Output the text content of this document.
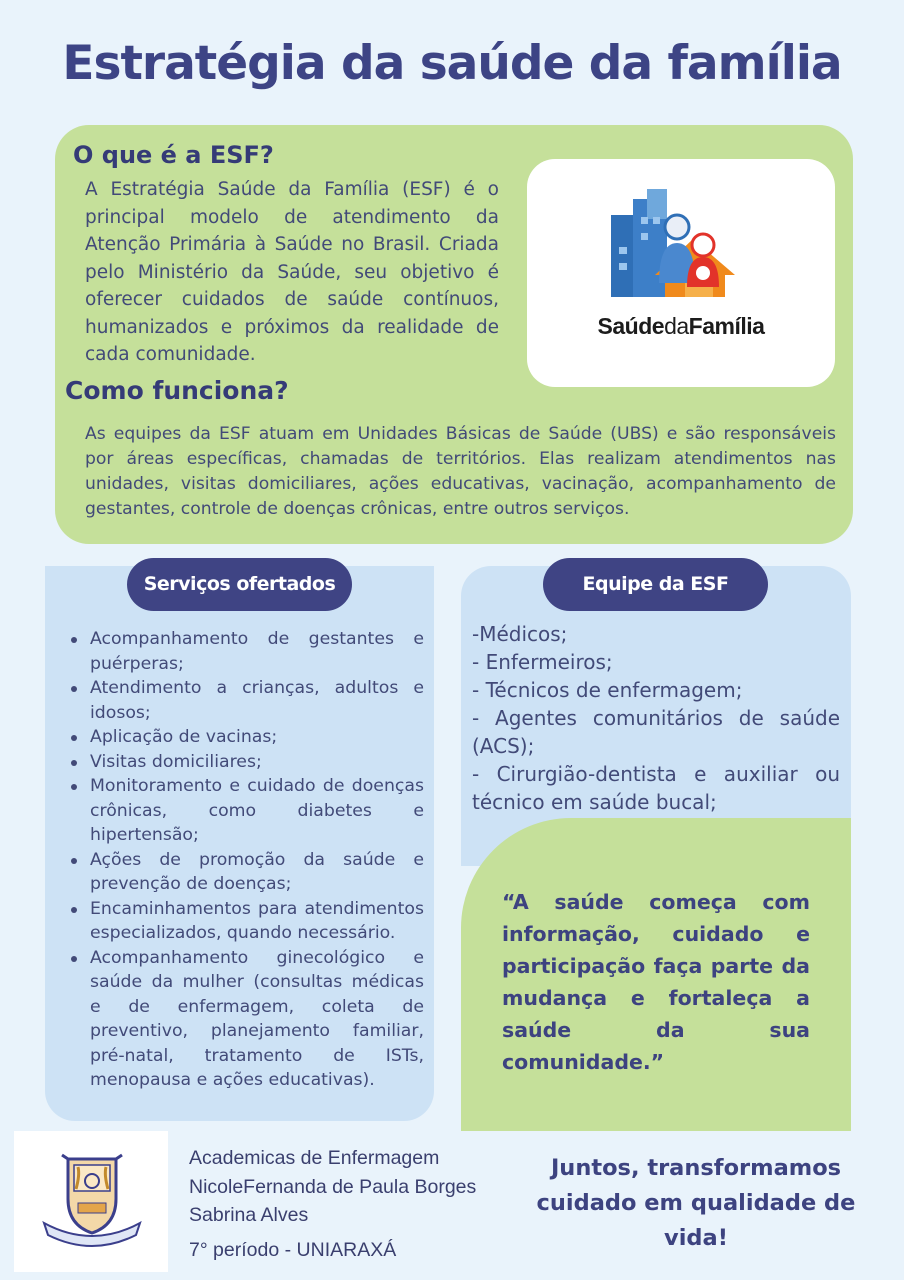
Estratégia da saúde da família
O que é a ESF?

A Estratégia Saúde da Família (ESF) é o principal modelo de atendimento da Atenção Primária à Saúde no Brasil. Criada pelo Ministério da Saúde, seu objetivo é oferecer cuidados de saúde contínuos, humanizados e próximos da realidade de cada comunidade.

SaúdedaFamília
Como funciona?

As equipes da ESF atuam em Unidades Básicas de Saúde (UBS) e são responsáveis por áreas específicas, chamadas de territórios. Elas realizam atendimentos nas unidades, visitas domiciliares, ações educativas, vacinação, acompanhamento de gestantes, controle de doenças crônicas, entre outros serviços.

Serviços ofertados	Equipe da ESF
Acompanhamento de gestantes e puérperas;
Atendimento a crianças, adultos e idosos;
Aplicação de vacinas;
Visitas domiciliares;
Monitoramento e cuidado de doenças crônicas, como diabetes e hipertensão;
Ações de promoção da saúde e prevenção de doenças;
Encaminhamentos para atendimentos especializados, quando necessário.
Acompanhamento ginecológico e saúde da mulher (consultas médicas e de enfermagem, coleta de preventivo, planejamento familiar, pré-natal, tratamento de ISTs, menopausa e ações educativas).
-Médicos;
- Enfermeiros;
- Técnicos de enfermagem;
- Agentes comunitários de saúde (ACS);
- Cirurgião-dentista e auxiliar ou técnico em saúde bucal;

“A saúde começa com informação, cuidado e participação faça parte da mudança e fortaleça a saúde da sua comunidade.”

Academicas de Enfermagem
NicoleFernanda de Paula Borges
Sabrina Alves
7° período - UNIARAXÁ
Juntos, transformamos cuidado em qualidade de vida!
